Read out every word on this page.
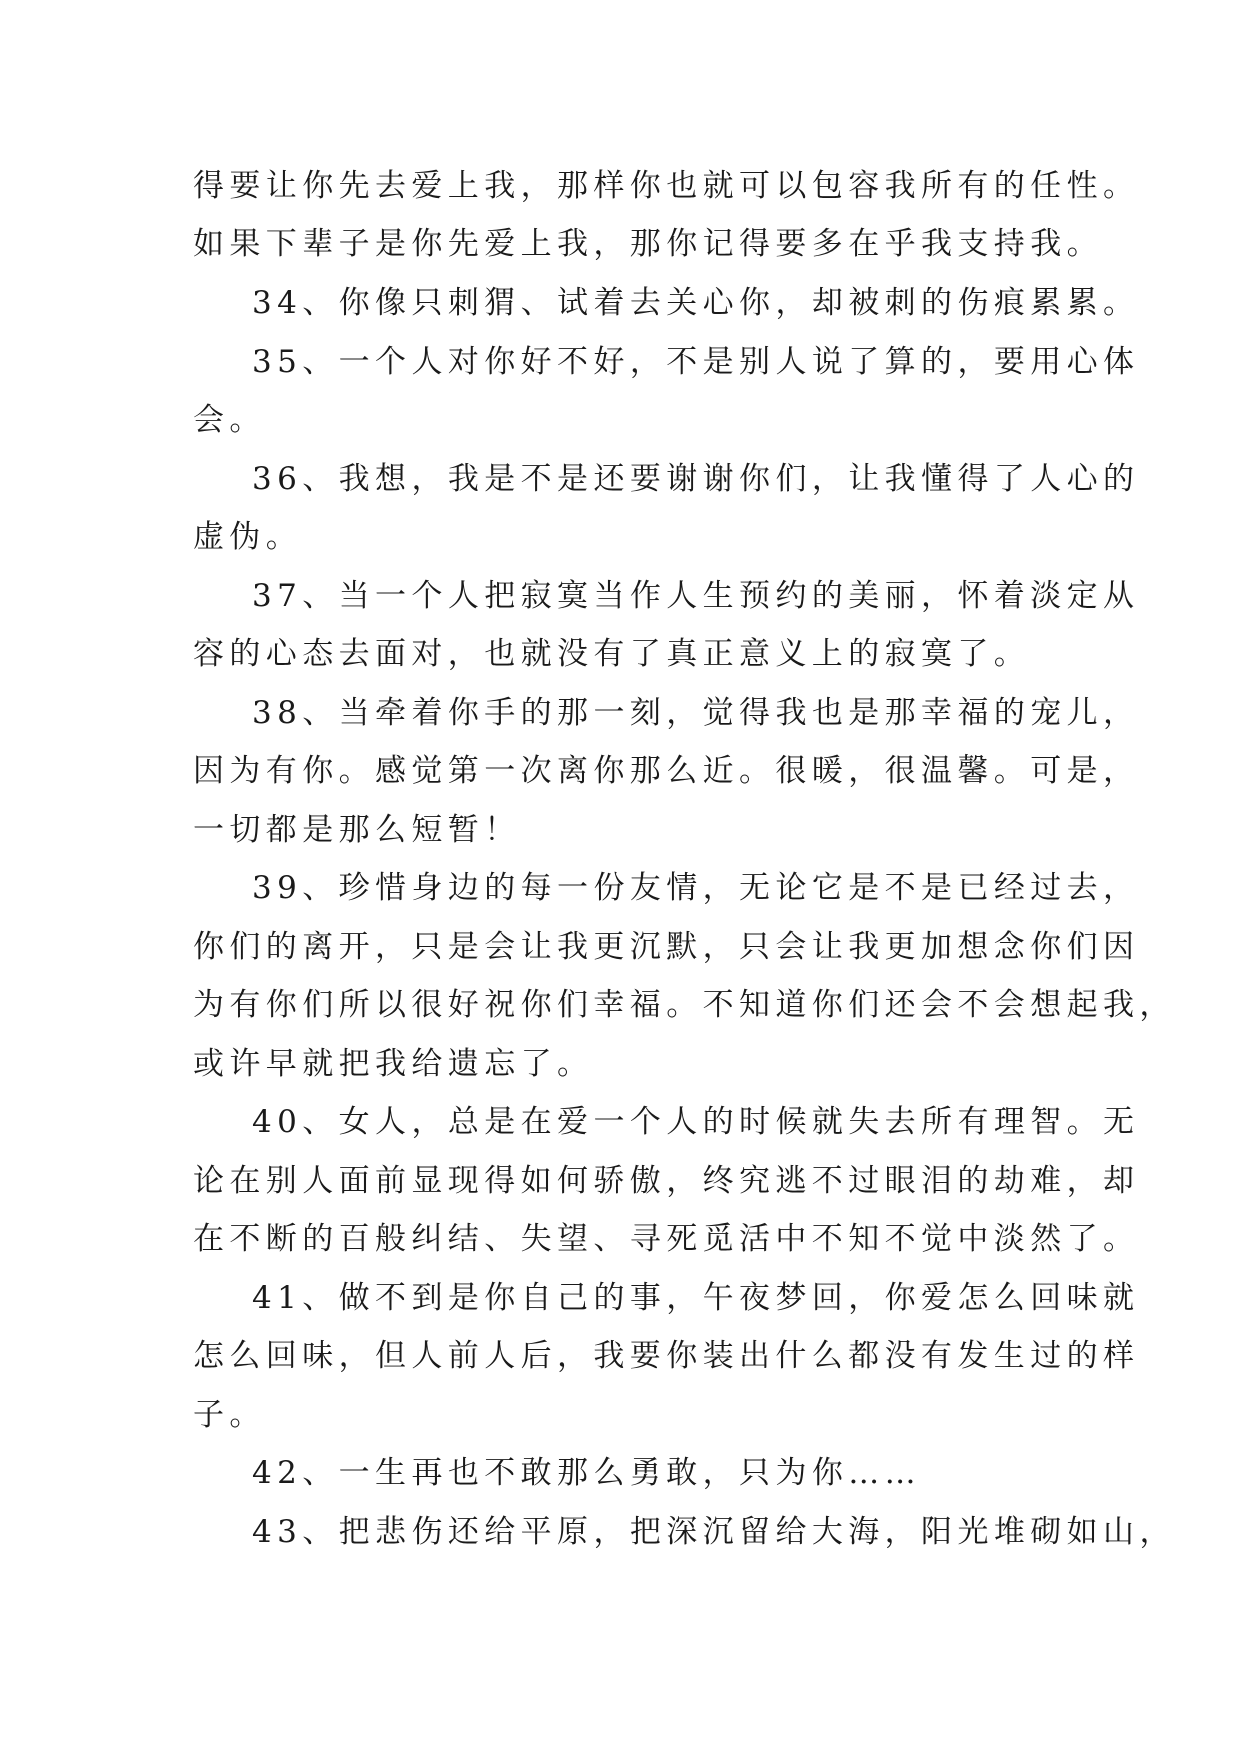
得要让你先去爱上我，那样你也就可以包容我所有的任性。
如果下辈子是你先爱上我，那你记得要多在乎我支持我。
34、你像只刺猬、试着去关心你，却被刺的伤痕累累。
35、一个人对你好不好，不是别人说了算的，要用心体
会。
36、我想，我是不是还要谢谢你们，让我懂得了人心的
虚伪。
37、当一个人把寂寞当作人生预约的美丽，怀着淡定从
容的心态去面对，也就没有了真正意义上的寂寞了。
38、当牵着你手的那一刻，觉得我也是那幸福的宠儿，
因为有你。感觉第一次离你那么近。很暖，很温馨。可是，
一切都是那么短暂！
39、珍惜身边的每一份友情，无论它是不是已经过去，
你们的离开，只是会让我更沉默，只会让我更加想念你们因
为有你们所以很好祝你们幸福。不知道你们还会不会想起我，
或许早就把我给遗忘了。
40、女人，总是在爱一个人的时候就失去所有理智。无
论在别人面前显现得如何骄傲，终究逃不过眼泪的劫难，却
在不断的百般纠结、失望、寻死觅活中不知不觉中淡然了。
41、做不到是你自己的事，午夜梦回，你爱怎么回味就
怎么回味，但人前人后，我要你装出什么都没有发生过的样
子。
42、一生再也不敢那么勇敢，只为你……
43、把悲伤还给平原，把深沉留给大海，阳光堆砌如山，
